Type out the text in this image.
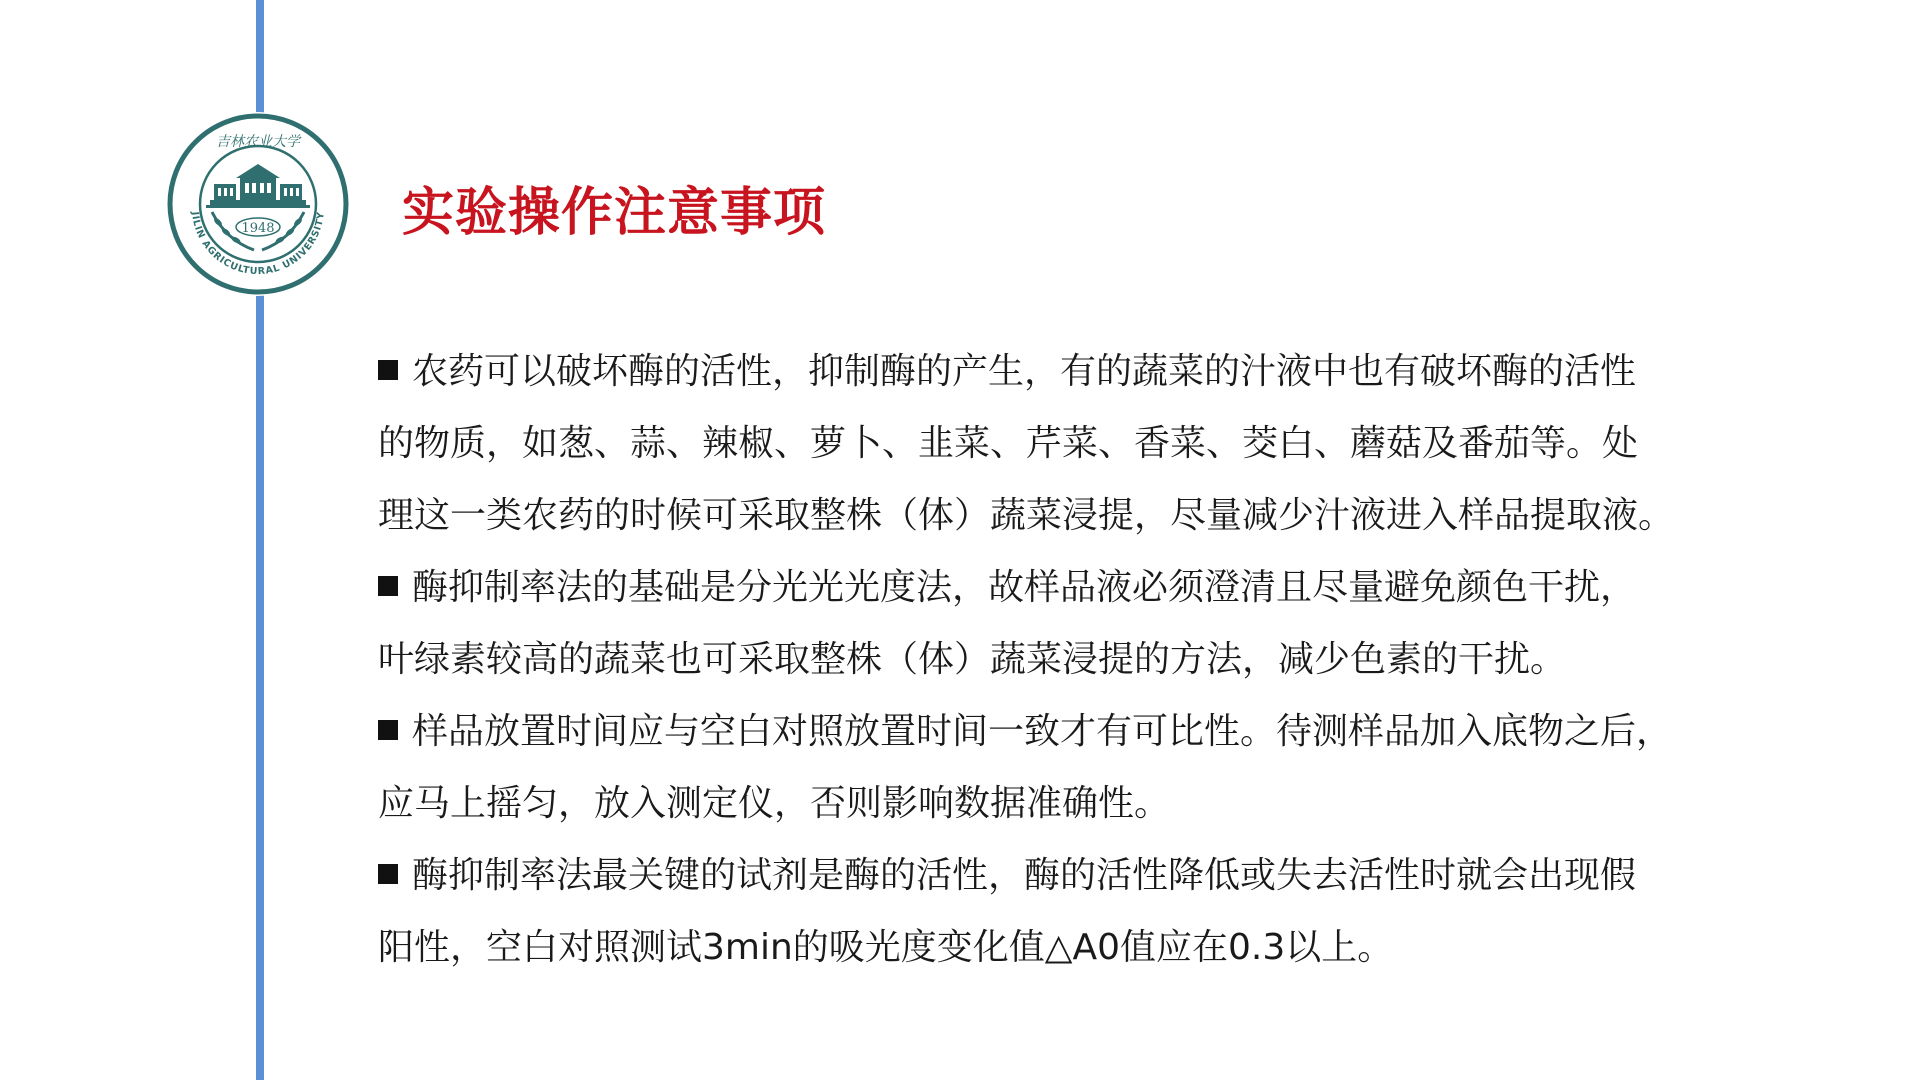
吉林农业大学
JILIN AGRICULTURAL UNIVERSITY
1948 实验操作注意事项

农药可以破坏酶的活性，抑制酶的产生，有的蔬菜的汁液中也有破坏酶的活性
的物质，如葱、蒜、辣椒、萝卜、韭菜、芹菜、香菜、茭白、蘑菇及番茄等。处
理这一类农药的时候可采取整株（体）蔬菜浸提，尽量减少汁液进入样品提取液。

酶抑制率法的基础是分光光光度法，故样品液必须澄清且尽量避免颜色干扰，
叶绿素较高的蔬菜也可采取整株（体）蔬菜浸提的方法，减少色素的干扰。

样品放置时间应与空白对照放置时间一致才有可比性。待测样品加入底物之后，
应马上摇匀，放入测定仪，否则影响数据准确性。

酶抑制率法最关键的试剂是酶的活性，酶的活性降低或失去活性时就会出现假
阳性，空白对照测试3min的吸光度变化值△A0值应在0.3以上。
